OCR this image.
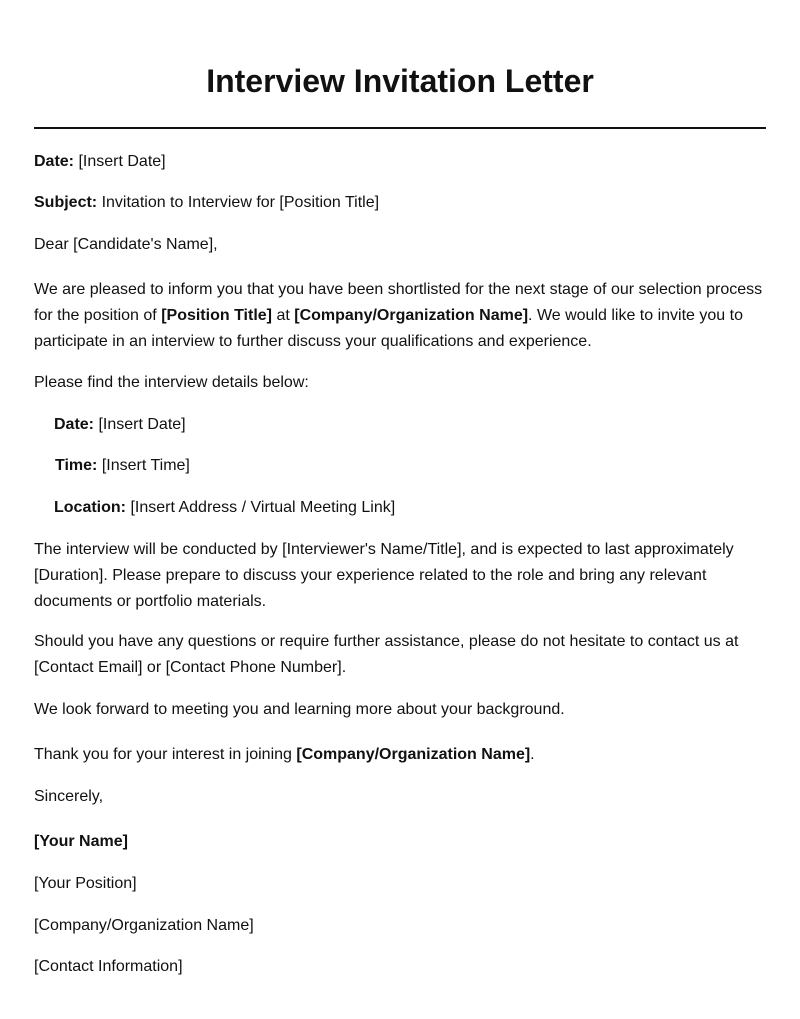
Interview Invitation Letter
Date: [Insert Date]
Subject: Invitation to Interview for [Position Title]
Dear [Candidate's Name],
We are pleased to inform you that you have been shortlisted for the next stage of our selection process for the position of [Position Title] at [Company/Organization Name]. We would like to invite you to participate in an interview to further discuss your qualifications and experience.
Please find the interview details below:
Date: [Insert Date]
Time: [Insert Time]
Location: [Insert Address / Virtual Meeting Link]
The interview will be conducted by [Interviewer's Name/Title], and is expected to last approximately [Duration]. Please prepare to discuss your experience related to the role and bring any relevant documents or portfolio materials.
Should you have any questions or require further assistance, please do not hesitate to contact us at [Contact Email] or [Contact Phone Number].
We look forward to meeting you and learning more about your background.
Thank you for your interest in joining [Company/Organization Name].
Sincerely,
[Your Name]
[Your Position]
[Company/Organization Name]
[Contact Information]
